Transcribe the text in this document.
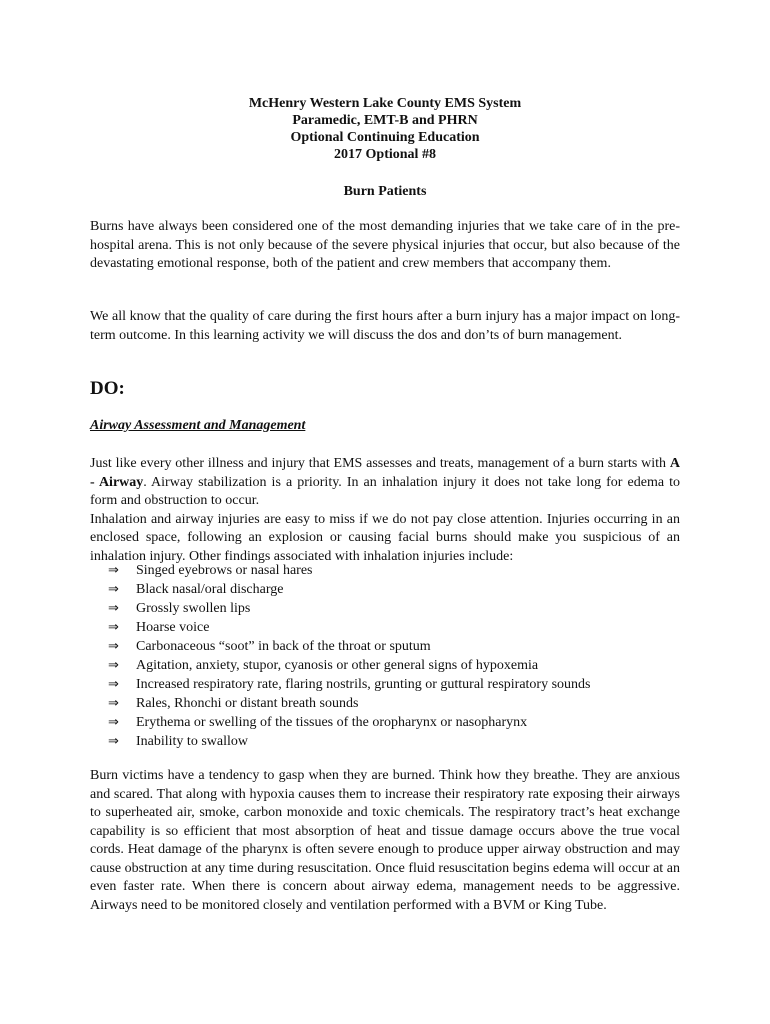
McHenry Western Lake County EMS System
Paramedic, EMT-B and PHRN
Optional Continuing Education
2017 Optional #8
Burn Patients

Burns have always been considered one of the most demanding injuries that we take care of in the pre-hospital arena. This is not only because of the severe physical injuries that occur, but also because of the devastating emotional response, both of the patient and crew members that accompany them.

We all know that the quality of care during the first hours after a burn injury has a major impact on long-term outcome. In this learning activity we will discuss the dos and don’ts of burn management.

DO:
Airway Assessment and Management
Just like every other illness and injury that EMS assesses and treats, management of a burn starts with A - Airway. Airway stabilization is a priority. In an inhalation injury it does not take long for edema to form and obstruction to occur.
Inhalation and airway injuries are easy to miss if we do not pay close attention. Injuries occurring in an enclosed space, following an explosion or causing facial burns should make you suspicious of an inhalation injury. Other findings associated with inhalation injuries include:
⇒	Singed eyebrows or nasal hares
⇒	Black nasal/oral discharge
⇒	Grossly swollen lips
⇒	Hoarse voice
⇒	Carbonaceous “soot” in back of the throat or sputum
⇒	Agitation, anxiety, stupor, cyanosis or other general signs of hypoxemia
⇒	Increased respiratory rate, flaring nostrils, grunting or guttural respiratory sounds
⇒	Rales, Rhonchi or distant breath sounds
⇒	Erythema or swelling of the tissues of the oropharynx or nasopharynx
⇒	Inability to swallow

Burn victims have a tendency to gasp when they are burned. Think how they breathe. They are anxious and scared. That along with hypoxia causes them to increase their respiratory rate exposing their airways to superheated air, smoke, carbon monoxide and toxic chemicals. The respiratory tract’s heat exchange capability is so efficient that most absorption of heat and tissue damage occurs above the true vocal cords. Heat damage of the pharynx is often severe enough to produce upper airway obstruction and may cause obstruction at any time during resuscitation. Once fluid resuscitation begins edema will occur at an even faster rate. When there is concern about airway edema, management needs to be aggressive. Airways need to be monitored closely and ventilation performed with a BVM or King Tube.
